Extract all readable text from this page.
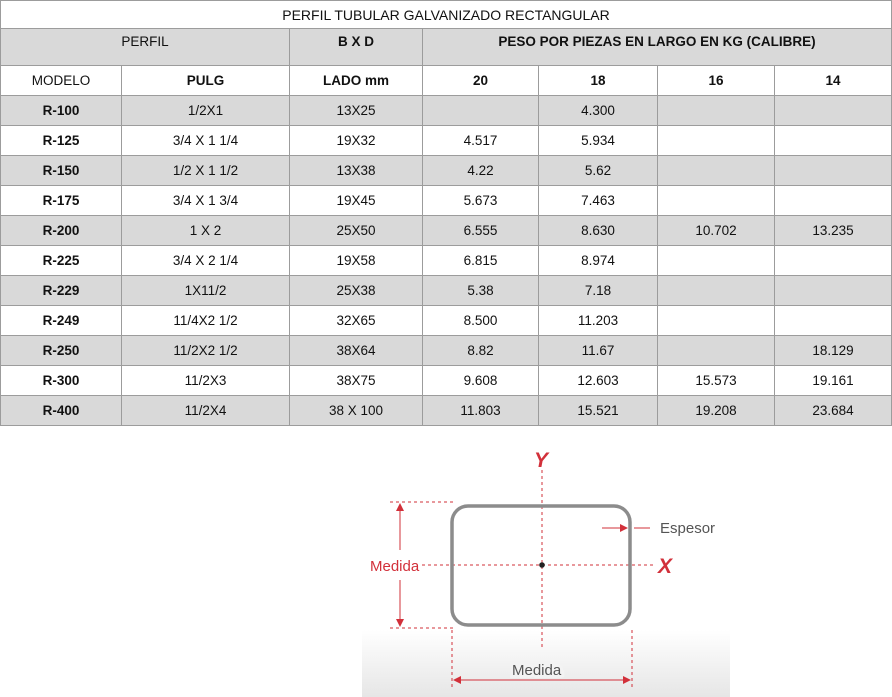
PERFIL TUBULAR GALVANIZADO RECTANGULAR						
PERFIL		B X D	PESO POR PIEZAS EN LARGO EN KG (CALIBRE)			
MODELO	PULG	LADO mm	20	18	16	14
R-100	1/2X1	13X25		4.300		
R-125	3/4 X 1 1/4	19X32	4.517	5.934		
R-150	1/2 X 1 1/2	13X38	4.22	5.62		
R-175	3/4 X 1 3/4	19X45	5.673	7.463		
R-200	1 X 2	25X50	6.555	8.630	10.702	13.235
R-225	3/4 X 2 1/4	19X58	6.815	8.974		
R-229	1X11/2	25X38	5.38	7.18		
R-249	11/4X2 1/2	32X65	8.500	11.203		
R-250	11/2X2 1/2	38X64	8.82	11.67		18.129
R-300	11/2X3	38X75	9.608	12.603	15.573	19.161
R-400	11/2X4	38 X 100	11.803	15.521	19.208	23.684
Y
X
Espesor
Medida
Medida
